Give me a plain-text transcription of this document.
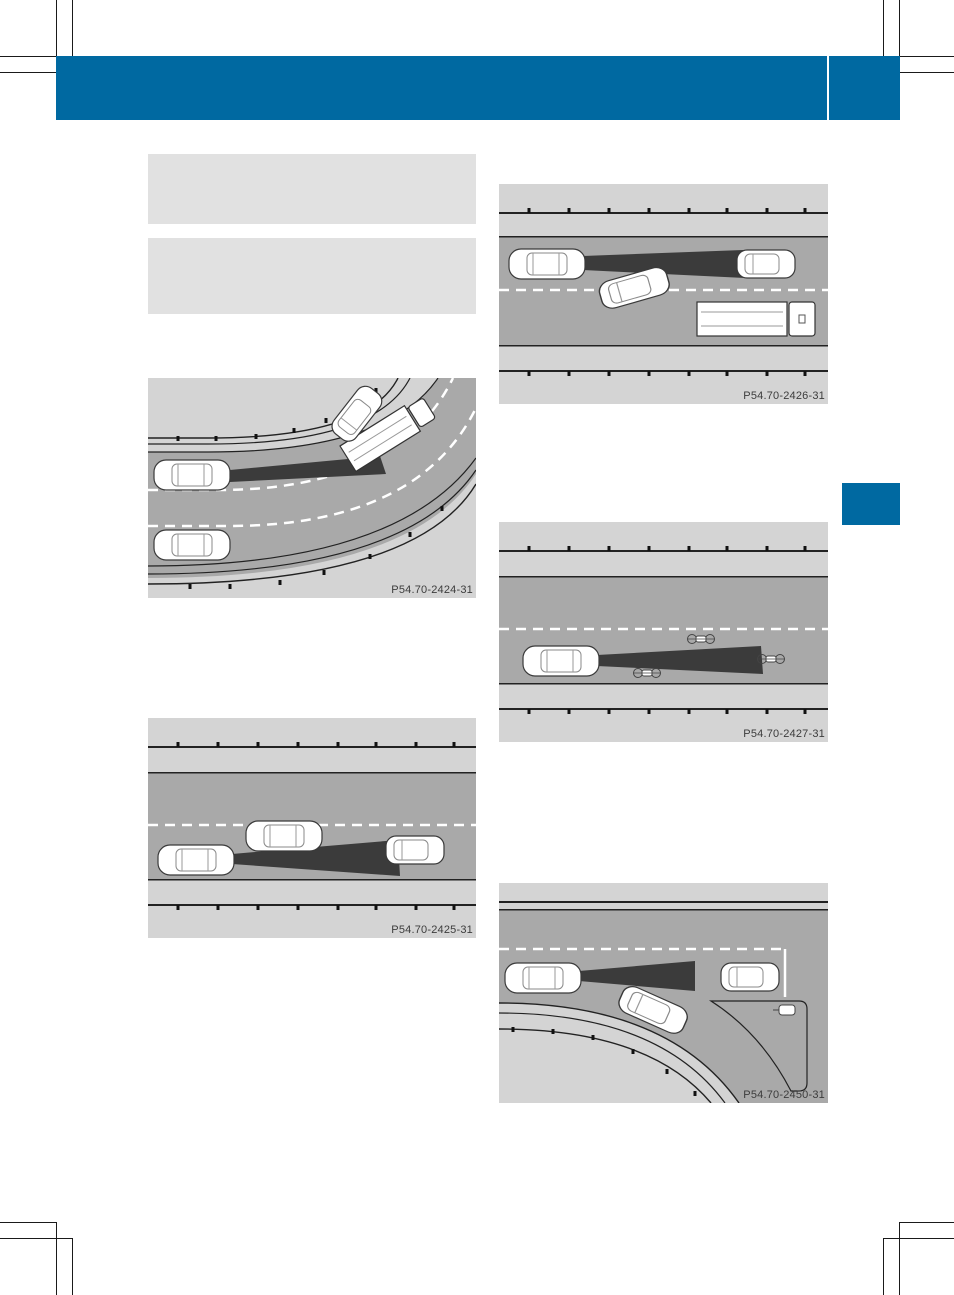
P54.70-2424-31
P54.70-2425-31
P54.70-2426-31
P54.70-2427-31
P54.70-2450-31
